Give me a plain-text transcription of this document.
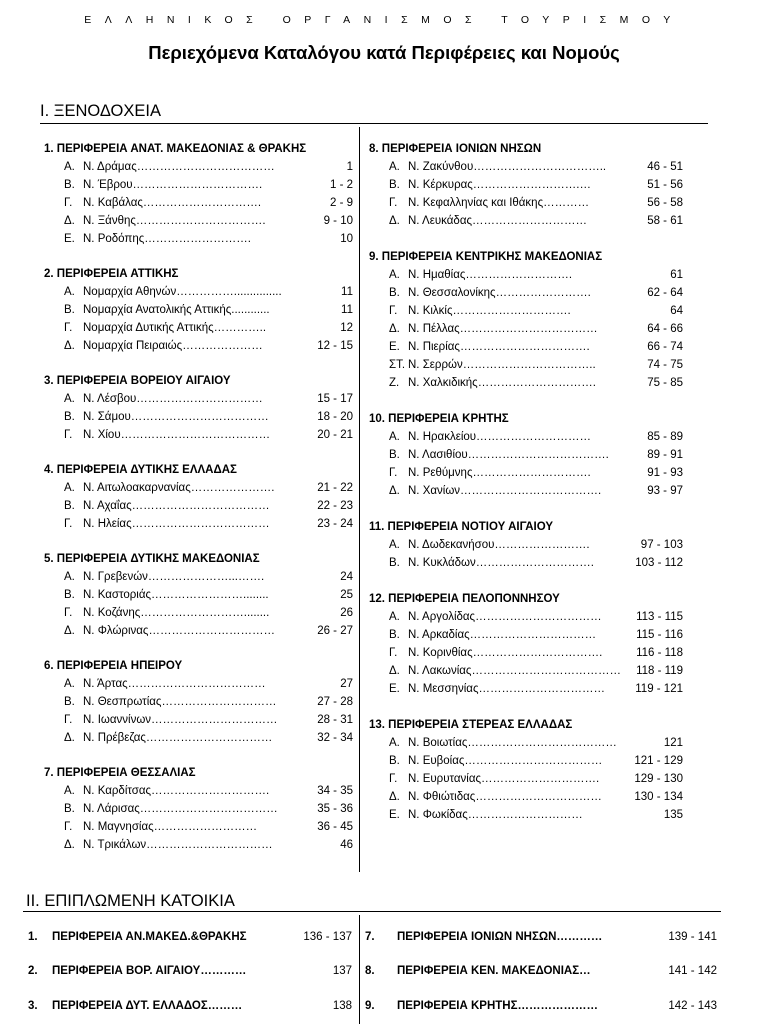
ΕΛΛΗΝΙΚΟΣ ΟΡΓΑΝΙΣΜΟΣ ΤΟΥΡΙΣΜΟΥ
Περιεχόμενα Καταλόγου κατά Περιφέρειες και Νομούς
Ι. ΞΕΝΟΔΟΧΕΙΑ
1. ΠΕΡΙΦΕΡΕΙΑ ΑΝΑΤ. ΜΑΚΕΔΟΝΙΑΣ & ΘΡΑΚΗΣ
Α. Ν. Δράμας………………………………	1
Β. Ν. Έβρου…………………………….	1 - 2
Γ. Ν. Καβάλας………………………….	2 - 9
Δ. Ν. Ξάνθης…………………………….	9 - 10
Ε. Ν. Ροδόπης……………………….	10
2. ΠΕΡΙΦΕΡΕΙΑ ΑΤΤΙΚΗΣ
Α. Νομαρχία Αθηνών……………...............	11
Β. Νομαρχία Ανατολικής Αττικής............	11
Γ. Νομαρχία Δυτικής Αττικής…………..	12
Δ. Νομαρχία Πειραιώς…………………	12 - 15
3. ΠΕΡΙΦΕΡΕΙΑ ΒΟΡΕΙΟΥ ΑΙΓΑΙΟΥ
Α. Ν. Λέσβου……………………………	15 - 17
Β. Ν. Σάμου………………………………	18 - 20
Γ. Ν. Χίου…………………………………	20 - 21
4. ΠΕΡΙΦΕΡΕΙΑ ΔΥΤΙΚΗΣ ΕΛΛΑΔΑΣ
Α. Ν. Αιτωλοακαρνανίας………………….	21 - 22
Β. Ν. Αχαΐας………………………………	22 - 23
Γ. Ν. Ηλείας………………………………	23 - 24
5. ΠΕΡΙΦΕΡΕΙΑ ΔΥΤΙΚΗΣ ΜΑΚΕΔΟΝΙΑΣ
Α. Ν. Γρεβενών…………………...…….	24
Β. Ν. Καστοριάς……………………........	25
Γ. Ν. Κοζάνης………………………........	26
Δ. Ν. Φλώρινας……………………………	26 - 27
6. ΠΕΡΙΦΕΡΕΙΑ ΗΠΕΙΡΟΥ
Α. Ν. Άρτας………………………………	27
Β. Ν. Θεσπρωτίας…………………………	27 - 28
Γ. Ν. Ιωαννίνων……………………………	28 - 31
Δ. Ν. Πρέβεζας……………………………	32 - 34
7. ΠΕΡΙΦΕΡΕΙΑ ΘΕΣΣΑΛΙΑΣ
Α. Ν. Καρδίτσας………………………….	34 - 35
Β. Ν. Λάρισας………………………………	35 - 36
Γ. Ν. Μαγνησίας………………………	36 - 45
Δ. Ν. Τρικάλων……………………………	46
8. ΠΕΡΙΦΕΡΕΙΑ ΙΟΝΙΩΝ ΝΗΣΩΝ
Α. Ν. Ζακύνθου……………………………..	46 - 51
Β. Ν. Κέρκυρας……………………….…	51 - 56
Γ. Ν. Κεφαλληνίας και Ιθάκης…………	56 - 58
Δ. Ν. Λευκάδας…………………………	58 - 61
9. ΠΕΡΙΦΕΡΕΙΑ ΚΕΝΤΡΙΚΗΣ ΜΑΚΕΔΟΝΙΑΣ
Α. Ν. Ημαθίας……………………….	61
Β. Ν. Θεσσαλονίκης…………………….	62 - 64
Γ. Ν. Κιλκίς………………………….	64
Δ. Ν. Πέλλας………………………………	64 - 66
Ε. Ν. Πιερίας…………………………….	66 - 74
ΣΤ. Ν. Σερρών……………………………..	74 - 75
Ζ. Ν. Χαλκιδικής………………………….	75 - 85
10. ΠΕΡΙΦΕΡΕΙΑ ΚΡΗΤΗΣ
Α. Ν. Ηρακλείου…………………………	85 - 89
Β. Ν. Λασιθίου……………………………….	89 - 91
Γ. Ν. Ρεθύμνης………………………….	91 - 93
Δ. Ν. Χανίων……………………………….	93 - 97
11. ΠΕΡΙΦΕΡΕΙΑ ΝΟΤΙΟΥ ΑΙΓΑΙΟΥ
Α. Ν. Δωδεκανήσου…………………….	97 - 103
Β. Ν. Κυκλάδων………………………….	103 - 112
12. ΠΕΡΙΦΕΡΕΙΑ ΠΕΛΟΠΟΝΝΗΣΟΥ
Α. Ν. Αργολίδας……………………………	113 - 115
Β. Ν. Αρκαδίας……………………………	115 - 116
Γ. Ν. Κορινθίας…………………………….	116 - 118
Δ. Ν. Λακωνίας…………………………………	118 - 119
Ε. Ν. Μεσσηνίας……………………………	119 - 121
13. ΠΕΡΙΦΕΡΕΙΑ ΣΤΕΡΕΑΣ ΕΛΛΑΔΑΣ
Α. Ν. Βοιωτίας…………………………………	121
Β. Ν. Ευβοίας………………………………	121 - 129
Γ. Ν. Ευρυτανίας………………………….	129 - 130
Δ. Ν. Φθιώτιδας……………………………	130 - 134
Ε. Ν. Φωκίδας…………………………	135
ΙΙ. ΕΠΙΠΛΩΜΕΝΗ ΚΑΤΟΙΚΙΑ
1. ΠΕΡΙΦΕΡΕΙΑ ΑΝ.ΜΑΚΕΔ.&ΘΡΑΚΗΣ	136 - 137
2. ΠΕΡΙΦΕΡΕΙΑ ΒΟΡ. ΑΙΓΑΙΟΥ…………	137
3. ΠΕΡΙΦΕΡΕΙΑ ΔΥΤ. ΕΛΛΑΔΟΣ………	138
7. ΠΕΡΙΦΕΡΕΙΑ ΙΟΝΙΩΝ ΝΗΣΩΝ…………	139 - 141
8. ΠΕΡΙΦΕΡΕΙΑ ΚΕΝ. ΜΑΚΕΔΟΝΙΑΣ…	141 - 142
9. ΠΕΡΙΦΕΡΕΙΑ ΚΡΗΤΗΣ…………………	142 - 143
